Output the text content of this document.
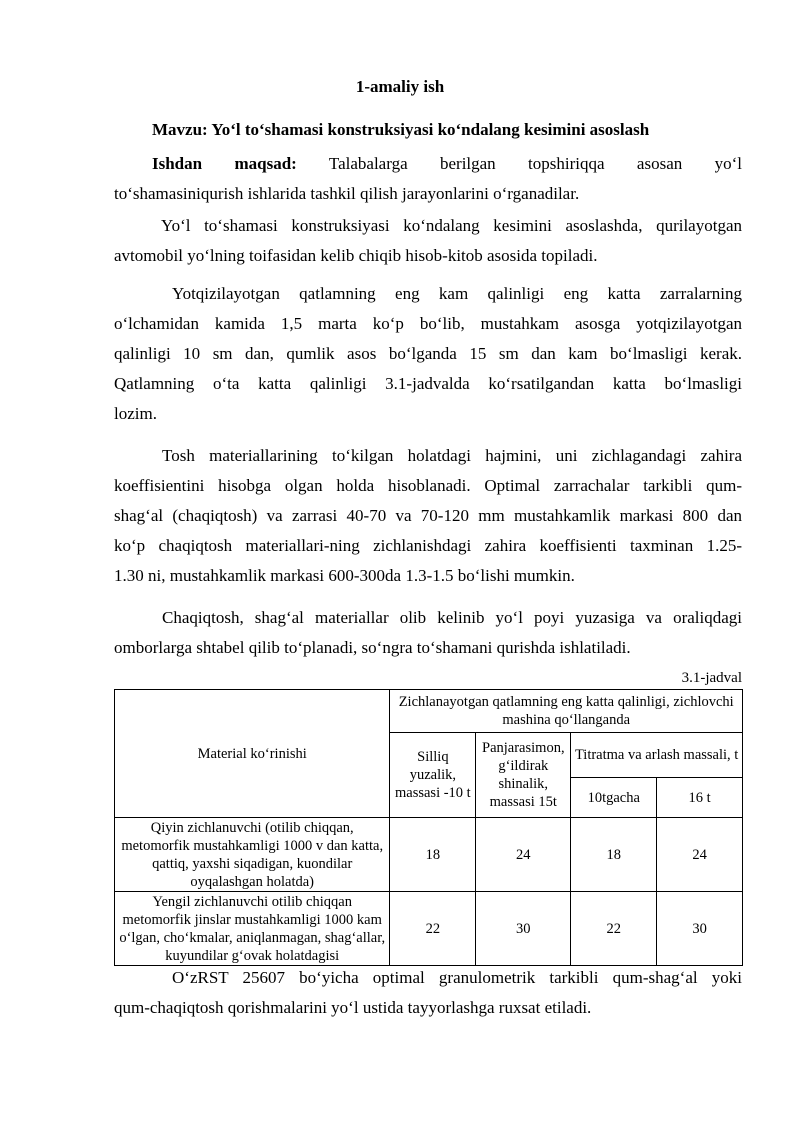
1-amaliy ish
Mavzu: Yo‘l to‘shamasi konstruksiyasi ko‘ndalang kesimini asoslash
Ishdan maqsad: Talabalarga berilgan topshiriqqa asosan yo‘l
to‘shamasiniqurish ishlarida tashkil qilish jarayonlarini o‘rganadilar.
Yo‘l to‘shamasi konstruksiyasi ko‘ndalang kesimini asoslashda, qurilayotgan
avtomobil yo‘lning toifasidan kelib chiqib hisob-kitob asosida topiladi.
Yotqizilayotgan qatlamning eng kam qalinligi eng katta zarralarning
o‘lchamidan kamida 1,5 marta ko‘p bo‘lib, mustahkam asosga yotqizilayotgan
qalinligi 10 sm dan, qumlik asos bo‘lganda 15 sm dan kam bo‘lmasligi kerak.
Qatlamning o‘ta katta qalinligi 3.1-jadvalda ko‘rsatilgandan katta bo‘lmasligi
lozim.
Tosh materiallarining to‘kilgan holatdagi hajmini, uni zichlagandagi zahira
koeffisientini hisobga olgan holda hisoblanadi. Optimal zarrachalar tarkibli qum-
shag‘al (chaqiqtosh) va zarrasi 40-70 va 70-120 mm mustahkamlik markasi 800 dan
ko‘p chaqiqtosh materiallari-ning zichlanishdagi zahira koeffisienti taxminan 1.25-
1.30 ni, mustahkamlik markasi 600-300da 1.3-1.5 bo‘lishi mumkin.
Chaqiqtosh, shag‘al materiallar olib kelinib yo‘l poyi yuzasiga va oraliqdagi
omborlarga shtabel qilib to‘planadi, so‘ngra to‘shamani qurishda ishlatiladi.
3.1-jadval
Material ko‘rinishi	Zichlanayotgan qatlamning eng katta qalinligi, zichlovchi mashina qo‘llanganda			
	Silliq yuzalik, massasi -10 t	Panjarasimon, g‘ildirak shinalik, massasi 15t	Titratma va arlash massali, t	
			10tgacha	16 t
Qiyin zichlanuvchi (otilib chiqqan, metomorfik mustahkamligi 1000 v dan katta, qattiq, yaxshi siqadigan, kuondilar oyqalashgan holatda)	18	24	18	24
Yengil zichlanuvchi otilib chiqqan metomorfik jinslar mustahkamligi 1000 kam o‘lgan, cho‘kmalar, aniqlanmagan, shag‘allar, kuyundilar g‘ovak holatdagisi	22	30	22	30
O‘zRST 25607 bo‘yicha optimal granulometrik tarkibli qum-shag‘al yoki
qum-chaqiqtosh qorishmalarini yo‘l ustida tayyorlashga ruxsat etiladi.
